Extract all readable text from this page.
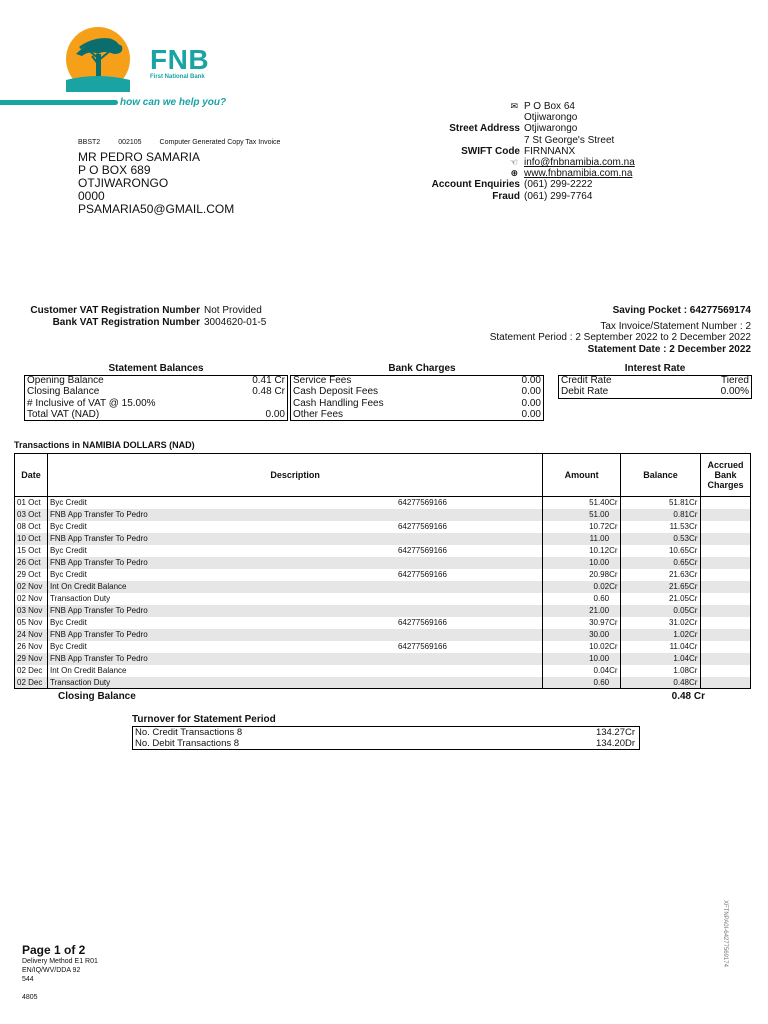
FNB
First National Bank
how can we help you?	✉ P O Box 64
Otjiwarongo
Street Address Otjiwarongo
7 St George's Street
SWIFT Code FIRNNANX
☜ info@fnbnamibia.com.na
⊕ www.fnbnamibia.com.na
Account Enquiries (061) 299-2222
Fraud (061) 299-7764
BBST2	002105	Computer Generated Copy Tax Invoice
MR PEDRO SAMARIA
P O BOX 689
OTJIWARONGO
0000
PSAMARIA50@GMAIL.COM
Customer VAT Registration Number Not Provided
Bank VAT Registration Number 3004620-01-5
Saving Pocket : 64277569174
Tax Invoice/Statement Number : 2
Statement Period : 2 September 2022 to 2 December 2022
Statement Date : 2 December 2022
Statement Balances	Bank Charges	Interest Rate
Opening Balance	0.41 Cr
Closing Balance	0.48 Cr
# Inclusive of VAT @ 15.00%	
Total VAT (NAD)	0.00
Service Fees	0.00
Cash Deposit Fees	0.00
Cash Handling Fees	0.00
Other Fees	0.00
Credit Rate	Tiered
Debit Rate	0.00%
Transactions in NAMIBIA DOLLARS (NAD)
Date	Description	Amount	Balance	Accrued Bank Charges
01 Oct	Byc Credit 64277569166	51.40Cr	51.81Cr	
03 Oct	FNB App Transfer To Pedro	51.00	0.81Cr	
08 Oct	Byc Credit 64277569166	10.72Cr	11.53Cr	
10 Oct	FNB App Transfer To Pedro	11.00	0.53Cr	
15 Oct	Byc Credit 64277569166	10.12Cr	10.65Cr	
26 Oct	FNB App Transfer To Pedro	10.00	0.65Cr	
29 Oct	Byc Credit 64277569166	20.98Cr	21.63Cr	
02 Nov	Int On Credit Balance	0.02Cr	21.65Cr	
02 Nov	Transaction Duty	0.60	21.05Cr	
03 Nov	FNB App Transfer To Pedro	21.00	0.05Cr	
05 Nov	Byc Credit 64277569166	30.97Cr	31.02Cr	
24 Nov	FNB App Transfer To Pedro	30.00	1.02Cr	
26 Nov	Byc Credit 64277569166	10.02Cr	11.04Cr	
29 Nov	FNB App Transfer To Pedro	10.00	1.04Cr	
02 Dec	Int On Credit Balance	0.04Cr	1.08Cr	
02 Dec	Transaction Duty	0.60	0.48Cr	
Closing Balance	0.48 Cr
Turnover for Statement Period
No. Credit Transactions 8	134.27Cr
No. Debit Transactions 8	134.20Dr
Page 1 of 2
Delivery Method E1 R01
EN/IQ/WV/DDA 92
544
4805
XFTNPA0I-64277569174
